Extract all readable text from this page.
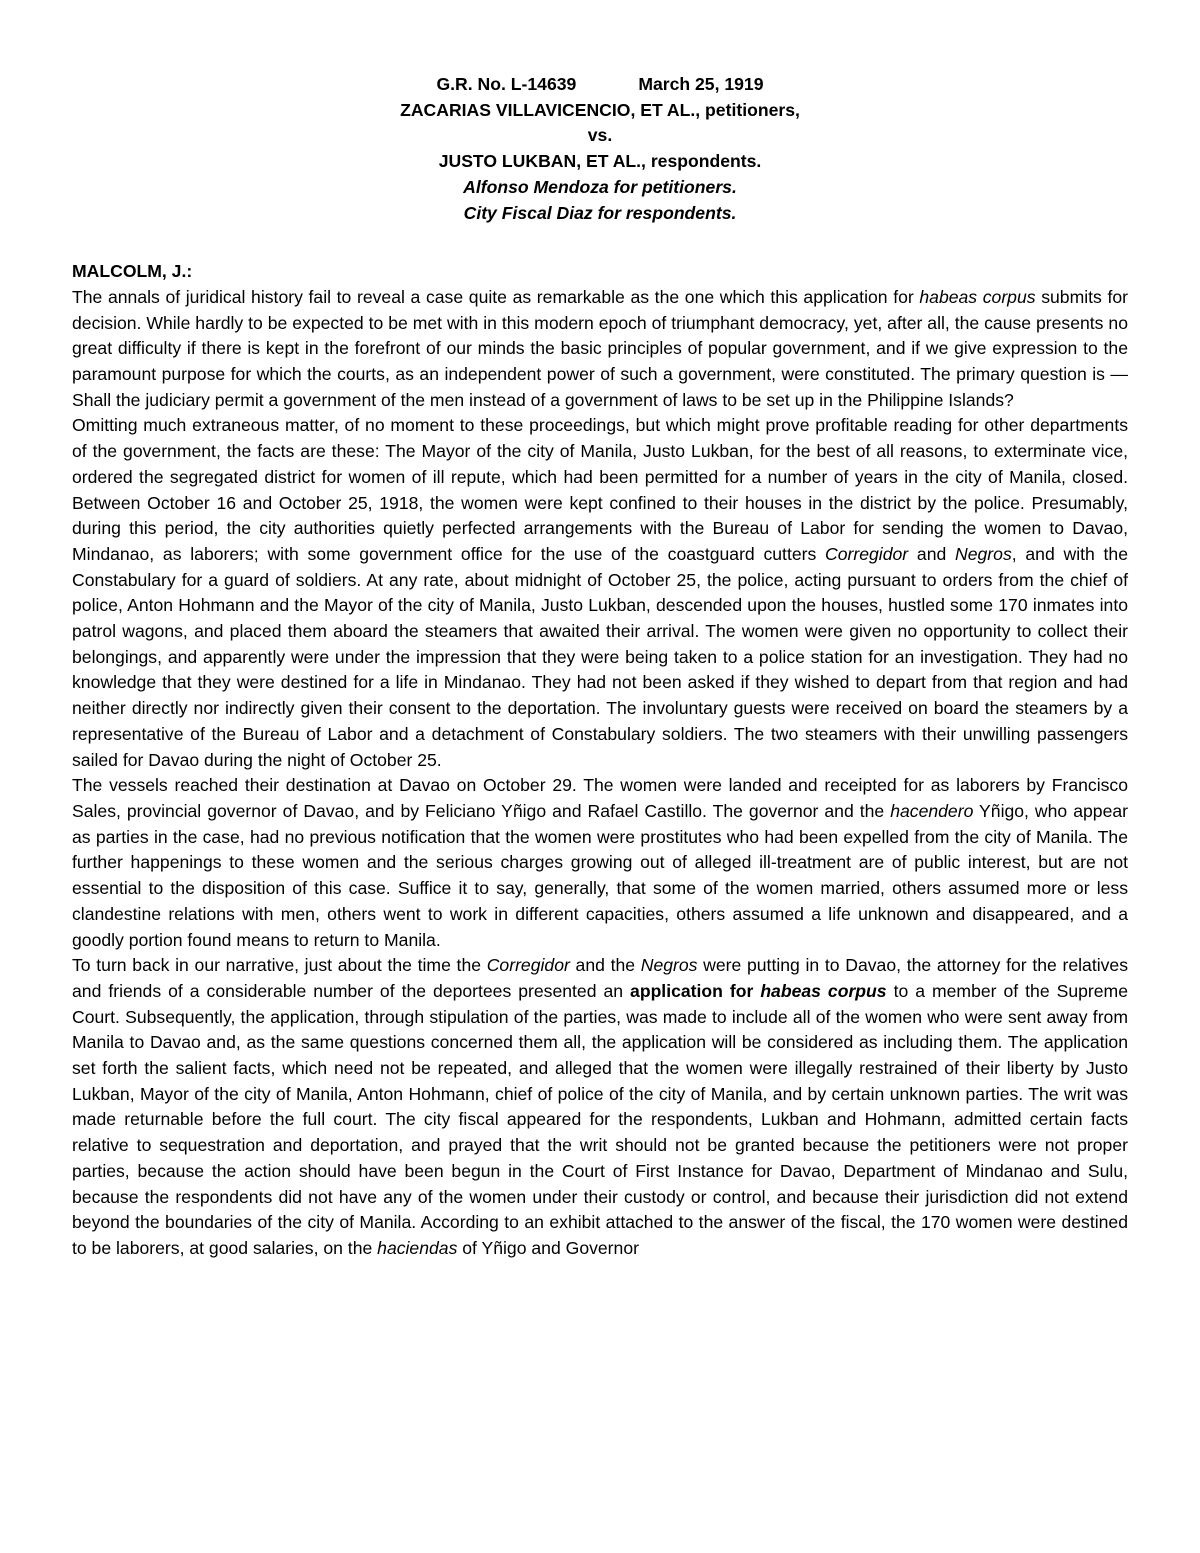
G.R. No. L-14639	March 25, 1919
ZACARIAS VILLAVICENCIO, ET AL., petitioners,
vs.
JUSTO LUKBAN, ET AL., respondents.
Alfonso Mendoza for petitioners.
City Fiscal Diaz for respondents.
MALCOLM, J.:

The annals of juridical history fail to reveal a case quite as remarkable as the one which this application for habeas corpus submits for decision. While hardly to be expected to be met with in this modern epoch of triumphant democracy, yet, after all, the cause presents no great difficulty if there is kept in the forefront of our minds the basic principles of popular government, and if we give expression to the paramount purpose for which the courts, as an independent power of such a government, were constituted. The primary question is — Shall the judiciary permit a government of the men instead of a government of laws to be set up in the Philippine Islands?

Omitting much extraneous matter, of no moment to these proceedings, but which might prove profitable reading for other departments of the government, the facts are these: The Mayor of the city of Manila, Justo Lukban, for the best of all reasons, to exterminate vice, ordered the segregated district for women of ill repute, which had been permitted for a number of years in the city of Manila, closed. Between October 16 and October 25, 1918, the women were kept confined to their houses in the district by the police. Presumably, during this period, the city authorities quietly perfected arrangements with the Bureau of Labor for sending the women to Davao, Mindanao, as laborers; with some government office for the use of the coastguard cutters Corregidor and Negros, and with the Constabulary for a guard of soldiers. At any rate, about midnight of October 25, the police, acting pursuant to orders from the chief of police, Anton Hohmann and the Mayor of the city of Manila, Justo Lukban, descended upon the houses, hustled some 170 inmates into patrol wagons, and placed them aboard the steamers that awaited their arrival. The women were given no opportunity to collect their belongings, and apparently were under the impression that they were being taken to a police station for an investigation. They had no knowledge that they were destined for a life in Mindanao. They had not been asked if they wished to depart from that region and had neither directly nor indirectly given their consent to the deportation. The involuntary guests were received on board the steamers by a representative of the Bureau of Labor and a detachment of Constabulary soldiers. The two steamers with their unwilling passengers sailed for Davao during the night of October 25.

The vessels reached their destination at Davao on October 29. The women were landed and receipted for as laborers by Francisco Sales, provincial governor of Davao, and by Feliciano Yñigo and Rafael Castillo. The governor and the hacendero Yñigo, who appear as parties in the case, had no previous notification that the women were prostitutes who had been expelled from the city of Manila. The further happenings to these women and the serious charges growing out of alleged ill-treatment are of public interest, but are not essential to the disposition of this case. Suffice it to say, generally, that some of the women married, others assumed more or less clandestine relations with men, others went to work in different capacities, others assumed a life unknown and disappeared, and a goodly portion found means to return to Manila.

To turn back in our narrative, just about the time the Corregidor and the Negros were putting in to Davao, the attorney for the relatives and friends of a considerable number of the deportees presented an application for habeas corpus to a member of the Supreme Court. Subsequently, the application, through stipulation of the parties, was made to include all of the women who were sent away from Manila to Davao and, as the same questions concerned them all, the application will be considered as including them. The application set forth the salient facts, which need not be repeated, and alleged that the women were illegally restrained of their liberty by Justo Lukban, Mayor of the city of Manila, Anton Hohmann, chief of police of the city of Manila, and by certain unknown parties. The writ was made returnable before the full court. The city fiscal appeared for the respondents, Lukban and Hohmann, admitted certain facts relative to sequestration and deportation, and prayed that the writ should not be granted because the petitioners were not proper parties, because the action should have been begun in the Court of First Instance for Davao, Department of Mindanao and Sulu, because the respondents did not have any of the women under their custody or control, and because their jurisdiction did not extend beyond the boundaries of the city of Manila. According to an exhibit attached to the answer of the fiscal, the 170 women were destined to be laborers, at good salaries, on the haciendas of Yñigo and Governor
